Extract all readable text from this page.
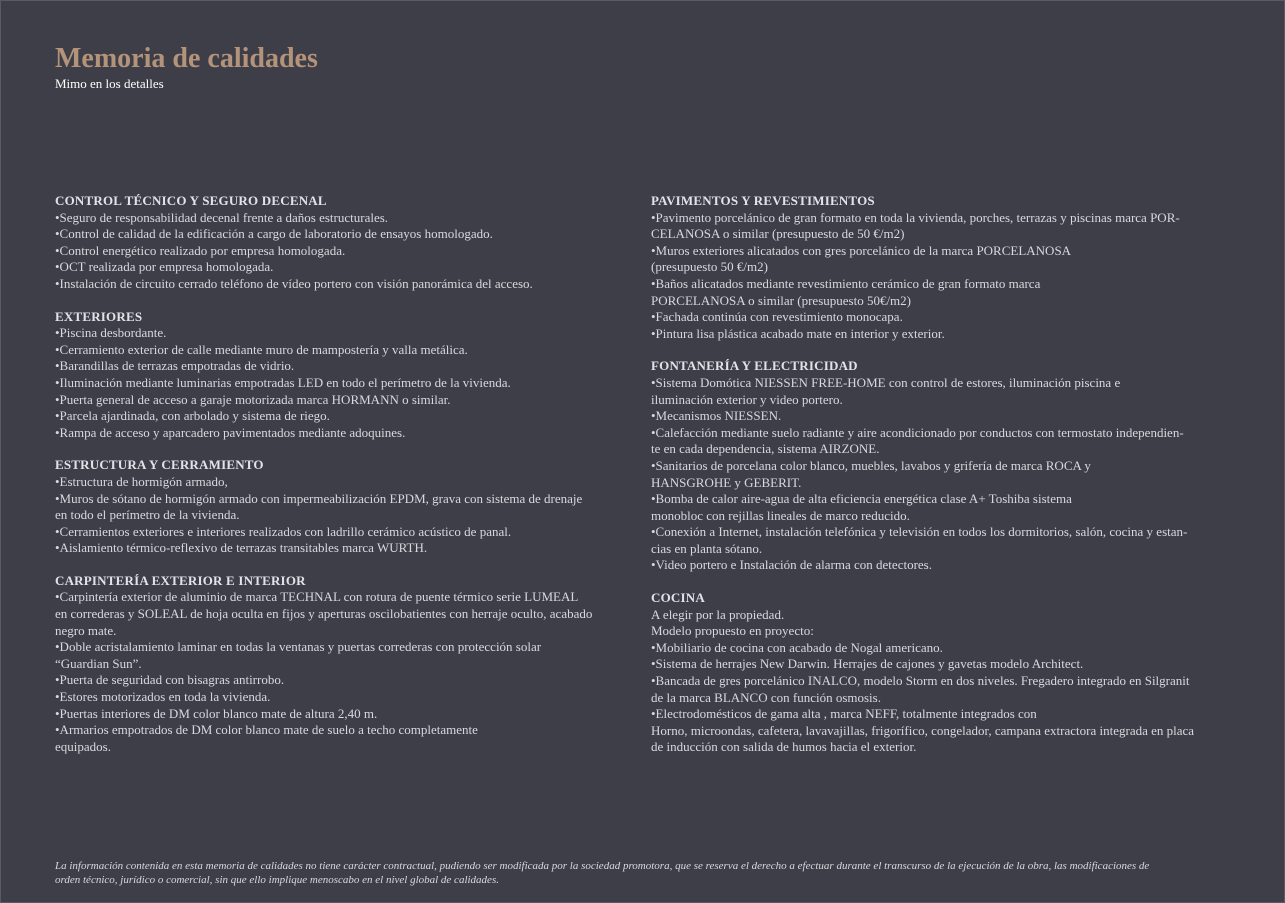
Memoria de calidades

Mimo en los detalles

CONTROL TÉCNICO Y SEGURO DECENAL

•Seguro de responsabilidad decenal frente a daños estructurales.

•Control de calidad de la edificación a cargo de laboratorio de ensayos homologado.

•Control energético realizado por empresa homologada.

•OCT realizada por empresa homologada.

•Instalación de circuito cerrado teléfono de vídeo portero con visión panorámica del acceso.

EXTERIORES

•Piscina desbordante.

•Cerramiento exterior de calle mediante muro de mampostería y valla metálica.

•Barandillas de terrazas empotradas de vidrio.

•Iluminación mediante luminarias empotradas LED en todo el perímetro de la vivienda.

•Puerta general de acceso a garaje motorizada marca HORMANN o similar.

•Parcela ajardinada, con arbolado y sistema de riego.

•Rampa de acceso y aparcadero pavimentados mediante adoquines.

ESTRUCTURA Y CERRAMIENTO

•Estructura de hormigón armado,

•Muros de sótano de hormigón armado con impermeabilización EPDM, grava con sistema de drenaje

en todo el perímetro de la vivienda.

•Cerramientos exteriores e interiores realizados con ladrillo cerámico acústico de panal.

•Aislamiento térmico-reflexivo de terrazas transitables marca WURTH.

CARPINTERÍA EXTERIOR E INTERIOR

•Carpintería exterior de aluminio de marca TECHNAL con rotura de puente térmico serie LUMEAL

en correderas y SOLEAL de hoja oculta en fijos y aperturas oscilobatientes con herraje oculto, acabado

negro mate.

•Doble acristalamiento laminar en todas la ventanas y puertas correderas con protección solar

“Guardian Sun”.

•Puerta de seguridad con bisagras antirrobo.

•Estores motorizados en toda la vivienda.

•Puertas interiores de DM color blanco mate de altura 2,40 m.

•Armarios empotrados de DM color blanco mate de suelo a techo completamente

equipados.

PAVIMENTOS Y REVESTIMIENTOS

•Pavimento porcelánico de gran formato en toda la vivienda, porches, terrazas y piscinas marca POR-

CELANOSA o similar (presupuesto de 50 €/m2)

•Muros exteriores alicatados con gres porcelánico de la marca PORCELANOSA

(presupuesto 50 €/m2)

•Baños alicatados mediante revestimiento cerámico de gran formato marca

PORCELANOSA o similar (presupuesto 50€/m2)

•Fachada continúa con revestimiento monocapa.

•Pintura lisa plástica acabado mate en interior y exterior.

FONTANERÍA Y ELECTRICIDAD

•Sistema Domótica NIESSEN FREE-HOME con control de estores, iluminación piscina e

iluminación exterior y video portero.

•Mecanismos NIESSEN.

•Calefacción mediante suelo radiante y aire acondicionado por conductos con termostato independien-

te en cada dependencia, sistema AIRZONE.

•Sanitarios de porcelana color blanco, muebles, lavabos y grifería de marca ROCA y

HANSGROHE y GEBERIT.

•Bomba de calor aire-agua de alta eficiencia energética clase A+ Toshiba sistema

monobloc con rejillas lineales de marco reducido.

•Conexión a Internet, instalación telefónica y televisión en todos los dormitorios, salón, cocina y estan-

cias en planta sótano.

•Video portero e Instalación de alarma con detectores.

COCINA

A elegir por la propiedad.

Modelo propuesto en proyecto:

•Mobiliario de cocina con acabado de Nogal americano.

•Sistema de herrajes New Darwin. Herrajes de cajones y gavetas modelo Architect.

•Bancada de gres porcelánico INALCO, modelo Storm en dos niveles. Fregadero integrado en Silgranit

de la marca BLANCO con función osmosis.

•Electrodomésticos de gama alta , marca NEFF, totalmente integrados con

Horno, microondas, cafetera, lavavajillas, frigorífico, congelador, campana extractora integrada en placa

de inducción con salida de humos hacia el exterior.

La información contenida en esta memoria de calidades no tiene carácter contractual, pudiendo ser modificada por la sociedad promotora, que se reserva el derecho a efectuar durante el transcurso de la ejecución de la obra, las modificaciones de

orden técnico, jurídico o comercial, sin que ello implique menoscabo en el nivel global de calidades.
